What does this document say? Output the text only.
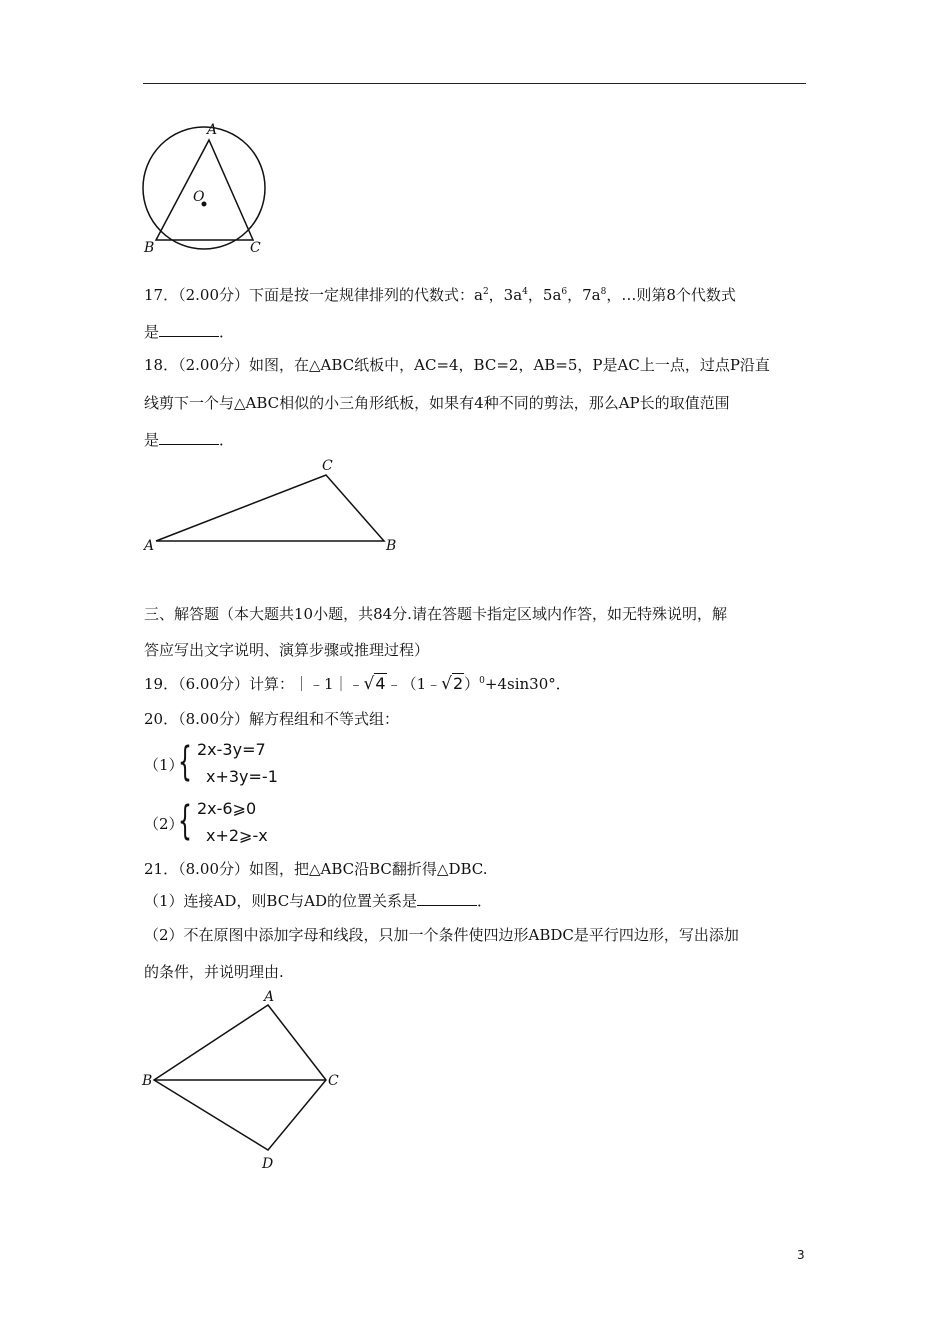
A
B	C
O
17．（2.00分）下面是按一定规律排列的代数式：$a^2$，$3a^4$，$5a^6$，$7a^8$，…则第8个代数式
是	．
18．（2.00分）如图，在△ABC纸板中，AC=4，BC=2，AB=5，P是AC上一点，过点P沿直
线剪下一个与△ABC相似的小三角形纸板，如果有4种不同的剪法，那么AP长的取值范围
是	．
A
C
B
三、解答题（本大题共10小题，共84分.请在答题卡指定区域内作答，如无特殊说明，解
答应写出文字说明、演算步骤或推理过程）
19．（6.00分）计算：｜﹣1｜﹣√4﹣（1﹣√2）$^0$+4sin30°．
20．（8.00分）解方程组和不等式组：
（1）
{ 2x-3y=7
x+3y=-1
（2）
{ 2x-6⩾0
x+2⩾-x
21．（8.00分）如图，把△ABC沿BC翻折得△DBC.
（1）连接AD，则BC与AD的位置关系是	．
（2）不在原图中添加字母和线段，只加一个条件使四边形ABDC是平行四边形，写出添加
的条件，并说明理由.
A
B	C
D
3
